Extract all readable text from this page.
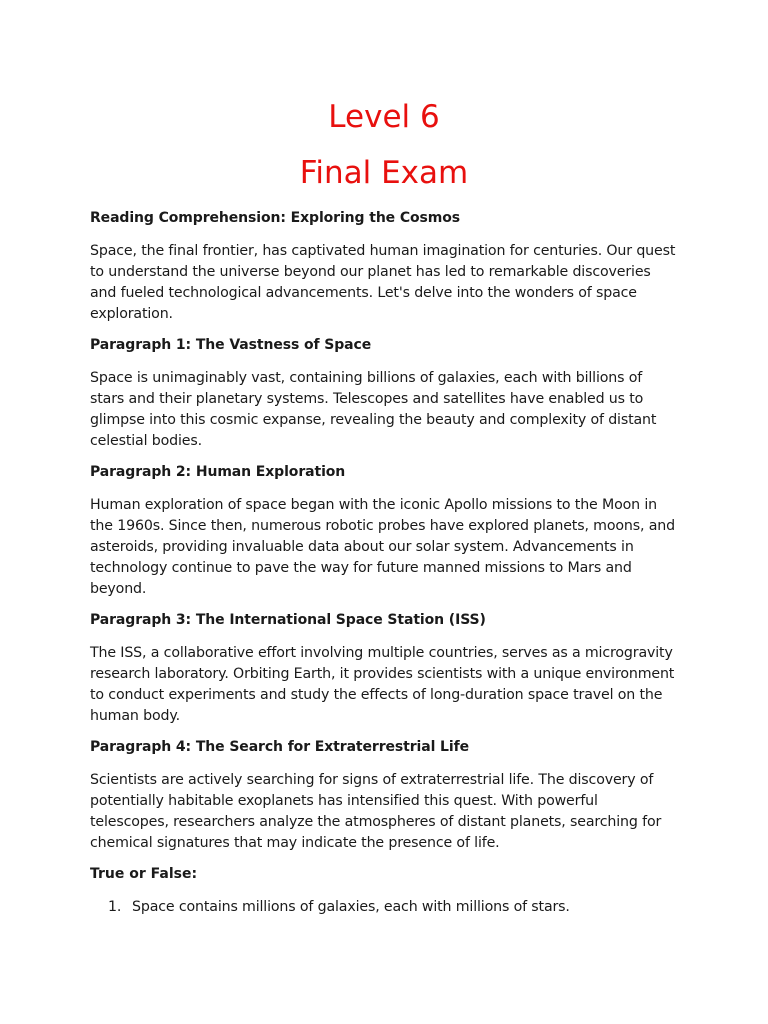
Level 6
Final Exam

Reading Comprehension: Exploring the Cosmos

Space, the final frontier, has captivated human imagination for centuries. Our quest to understand the universe beyond our planet has led to remarkable discoveries and fueled technological advancements. Let's delve into the wonders of space exploration.

Paragraph 1: The Vastness of Space

Space is unimaginably vast, containing billions of galaxies, each with billions of stars and their planetary systems. Telescopes and satellites have enabled us to glimpse into this cosmic expanse, revealing the beauty and complexity of distant celestial bodies.

Paragraph 2: Human Exploration

Human exploration of space began with the iconic Apollo missions to the Moon in the 1960s. Since then, numerous robotic probes have explored planets, moons, and asteroids, providing invaluable data about our solar system. Advancements in technology continue to pave the way for future manned missions to Mars and beyond.

Paragraph 3: The International Space Station (ISS)

The ISS, a collaborative effort involving multiple countries, serves as a microgravity research laboratory. Orbiting Earth, it provides scientists with a unique environment to conduct experiments and study the effects of long-duration space travel on the human body.

Paragraph 4: The Search for Extraterrestrial Life

Scientists are actively searching for signs of extraterrestrial life. The discovery of potentially habitable exoplanets has intensified this quest. With powerful telescopes, researchers analyze the atmospheres of distant planets, searching for chemical signatures that may indicate the presence of life.

True or False:

1. Space contains millions of galaxies, each with millions of stars.
